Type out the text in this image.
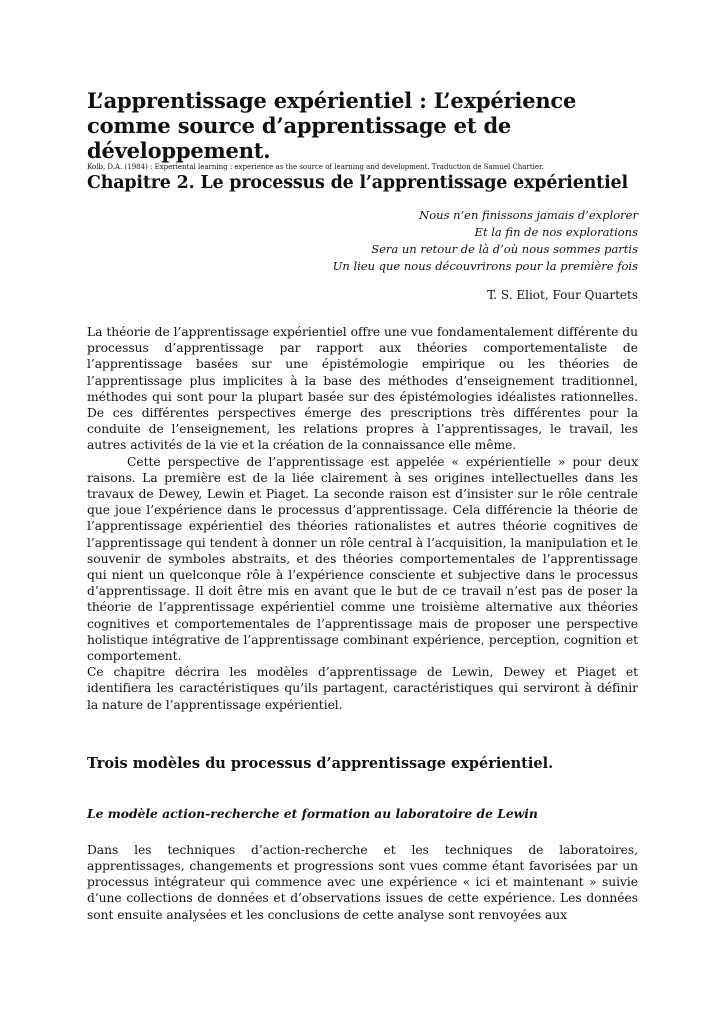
L’apprentissage expérientiel : L’expérience comme source d’apprentissage et de développement.
Kolb, D.A. (1984) : Experiental learning : experience as the source of learning and development. Traduction de Samuel Chartier.
Chapitre 2. Le processus de l’apprentissage expérientiel
Nous n’en finissons jamais d’explorer
Et la fin de nos explorations
Sera un retour de là d’où nous sommes partis
Un lieu que nous découvrirons pour la première fois
T. S. Eliot, Four Quartets

La théorie de l’apprentissage expérientiel offre une vue fondamentalement différente du processus d’apprentissage par rapport aux théories comportementaliste de l’apprentissage basées sur une épistémologie empirique ou les théories de l’apprentissage plus implicites à la base des méthodes d’enseignement traditionnel, méthodes qui sont pour la plupart basée sur des épistémologies idéalistes rationnelles. De ces différentes perspectives émerge des prescriptions très différentes pour la conduite de l’enseignement, les relations propres à l’apprentissages, le travail, les autres activités de la vie et la création de la connaissance elle même.

Cette perspective de l’apprentissage est appelée « expérientielle » pour deux raisons. La première est de la liée clairement à ses origines intellectuelles dans les travaux de Dewey, Lewin et Piaget. La seconde raison est d’insister sur le rôle centrale que joue l’expérience dans le processus d’apprentissage. Cela différencie la théorie de l’apprentissage expérientiel des théories rationalistes et autres théorie cognitives de l’apprentissage qui tendent à donner un rôle central à l’acquisition, la manipulation et le souvenir de symboles abstraits, et des théories comportementales de l’apprentissage qui nient un quelconque rôle à l’expérience consciente et subjective dans le processus d’apprentissage. Il doit être mis en avant que le but de ce travail n’est pas de poser la théorie de l’apprentissage expérientiel comme une troisième alternative aux théories cognitives et comportementales de l’apprentissage mais de proposer une perspective holistique intégrative de l’apprentissage combinant expérience, perception, cognition et comportement.

Ce chapitre décrira les modèles d’apprentissage de Lewin, Dewey et Piaget et identifiera les caractéristiques qu’ils partagent, caractéristiques qui serviront à définir la nature de l’apprentissage expérientiel.

Trois modèles du processus d’apprentissage expérientiel.
Le modèle action-recherche et formation au laboratoire de Lewin

Dans les techniques d’action-recherche et les techniques de laboratoires, apprentissages, changements et progressions sont vues comme étant favorisées par un processus intégrateur qui commence avec une expérience « ici et maintenant » suivie d’une collections de données et d’observations issues de cette expérience. Les données sont ensuite analysées et les conclusions de cette analyse sont renvoyées aux
